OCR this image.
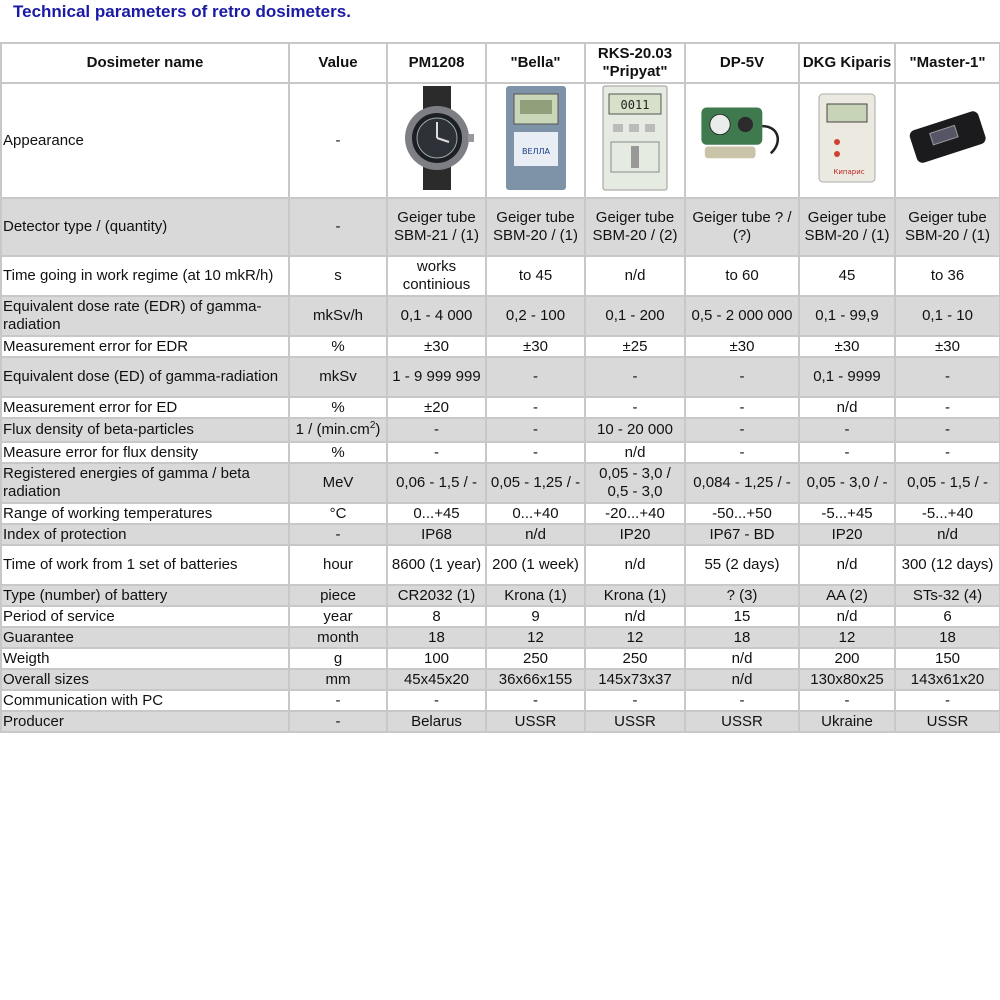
Technical parameters of retro dosimeters.
Dosimeter name	Value	PM1208	"Bella"	RKS-20.03 "Pripyat"	DP-5V	DKG Kiparis	"Master-1"
Appearance	-		BEЛЛA	0011		Кипарис

Detector type / (quantity)	-	Geiger tube SBM-21 / (1)	Geiger tube SBM-20 / (1)	Geiger tube SBM-20 / (2)	Geiger tube ? / (?)	Geiger tube SBM-20 / (1)	Geiger tube SBM-20 / (1)
Time going in work regime (at 10 mkR/h)	s	works continious	to 45	n/d	to 60	45	to 36
Equivalent dose rate (EDR) of gamma-radiation	mkSv/h	0,1 - 4 000	0,2 - 100	0,1 - 200	0,5 - 2 000 000	0,1 - 99,9	0,1 - 10
Measurement error for EDR	%	±30	±30	±25	±30	±30	±30
Equivalent dose (ED) of gamma-radiation	mkSv	1 - 9 999 999	-	-	-	0,1 - 9999	-
Measurement error for ED	%	±20	-	-	-	n/d	-
Flux density of beta-particles	$1 / (\min.cm^2)$	-	-	10 - 20 000	-	-	-
Measure error for flux density	%	-	-	n/d	-	-	-
Registered energies of gamma / beta radiation	MeV	0,06 - 1,5 / -	0,05 - 1,25 / -	0,05 - 3,0 / 0,5 - 3,0	0,084 - 1,25 / -	0,05 - 3,0 / -	0,05 - 1,5 / -
Range of working temperatures	°C	0...+45	0...+40	-20...+40	-50...+50	-5...+45	-5...+40
Index of protection	-	IP68	n/d	IP20	IP67 - BD	IP20	n/d
Time of work from 1 set of batteries	hour	8600 (1 year)	200 (1 week)	n/d	55 (2 days)	n/d	300 (12 days)
Type (number) of battery	piece	CR2032 (1)	Krona (1)	Krona (1)	? (3)	AA (2)	STs-32 (4)
Period of service	year	8	9	n/d	15	n/d	6
Guarantee	month	18	12	12	18	12	18
Weigth	g	100	250	250	n/d	200	150
Overall sizes	mm	45x45x20	36x66x155	145x73x37	n/d	130x80x25	143x61x20
Communication with PC	-	-	-	-	-	-	-
Producer	-	Belarus	USSR	USSR	USSR	Ukraine	USSR
